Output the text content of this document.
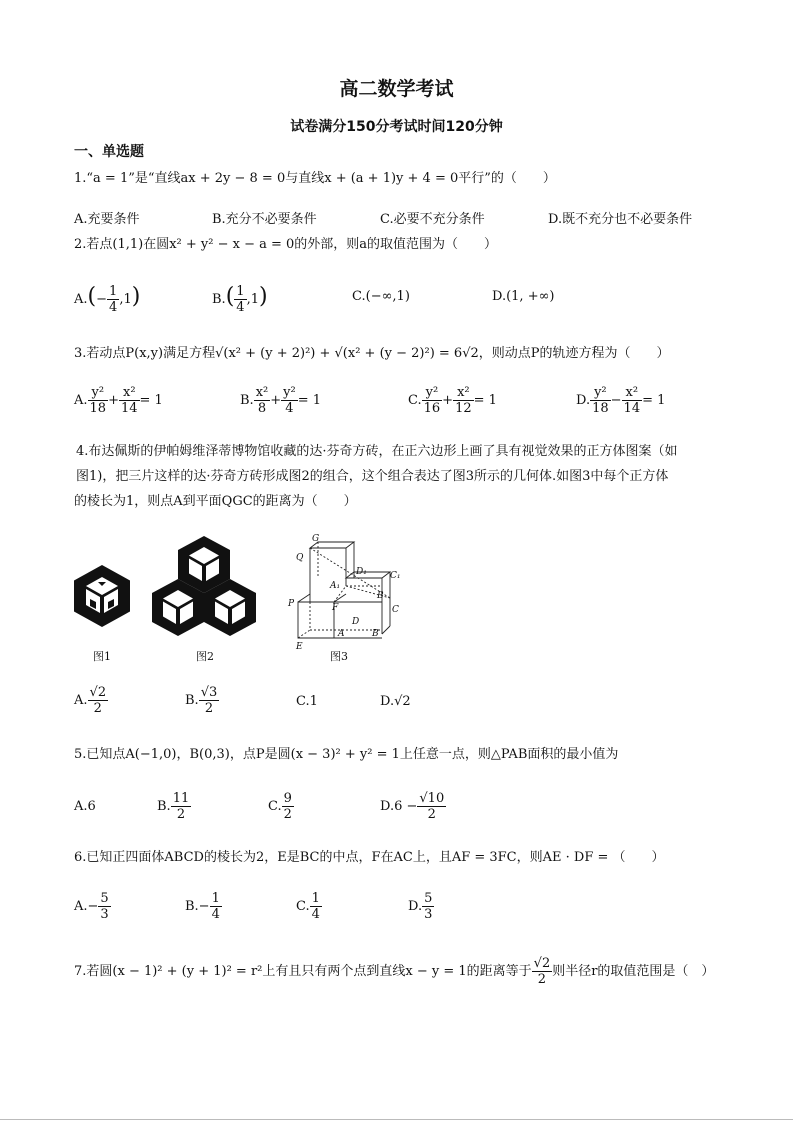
高二数学考试
试卷满分150分考试时间120分钟
一、单选题
1.“a = 1”是“直线ax + 2y − 8 = 0与直线x + (a + 1)y + 4 = 0平行”的（　　）
A.充要条件	B.充分不必要条件	C.必要不充分条件	D.既不充分也不必要条件
2.若点(1,1)在圆x² + y² − x − a = 0的外部，则a的取值范围为（　　）
$A.(- \frac{1}{4} ,1)$	$B.( \frac{1}{4} ,1)$	C.(−∞,1)	D.(1, +∞)
3.若动点P(x,y)满足方程√(x² + (y + 2)²) + √(x² + (y − 2)²) = 6√2，则动点P的轨迹方程为（　　）
A. $\frac{\text{y²}}{18} + \frac{\text{x²}}{14} = 1$	B. $\frac{\text{x²}}{8} + \frac{\text{y²}}{4} = 1$	C. $\frac{\text{y²}}{16} + \frac{\text{x²}}{12} = 1$	D. $\frac{\text{y²}}{18} - \frac{\text{x²}}{14} = 1$
4.布达佩斯的伊帕姆维泽蒂博物馆收藏的达·芬奇方砖，在正六边形上画了具有视觉效果的正方体图案（如
图1)，把三片这样的达·芬奇方砖形成图2的组合，这个组合表达了图3所示的几何体.如图3中每个正方体
的棱长为1，则点A到平面QGC的距离为（　　）
图1	图2
G
Q
D₁	C₁
A₁
B
P	F	C
D
A	B
E
图3
A. $\frac{√2}{2}$	B. $\frac{√3}{2}$	C.1	D.√2
5.已知点A(−1,0)，B(0,3)，点P是圆(x − 3)² + y² = 1上任意一点，则△PAB面积的最小值为
A.6	B. $\frac{11}{2}$	C. $\frac{9}{2}$	$D.6 - \frac{√10}{2}$
6.已知正四面体ABCD的棱长为2，E是BC的中点，F在AC上，且AF = 3FC，则AE · DF = （　　）
$A.- \frac{5}{3}$	$B.- \frac{1}{4}$	C. $\frac{1}{4}$	D. $\frac{5}{3}$
7.若圆(x − 1)² + (y + 1)² = r²上有且只有两个点到直线x − y = 1的距离等于 $\frac{√2}{2}$ 则半径r的取值范围是（　）
